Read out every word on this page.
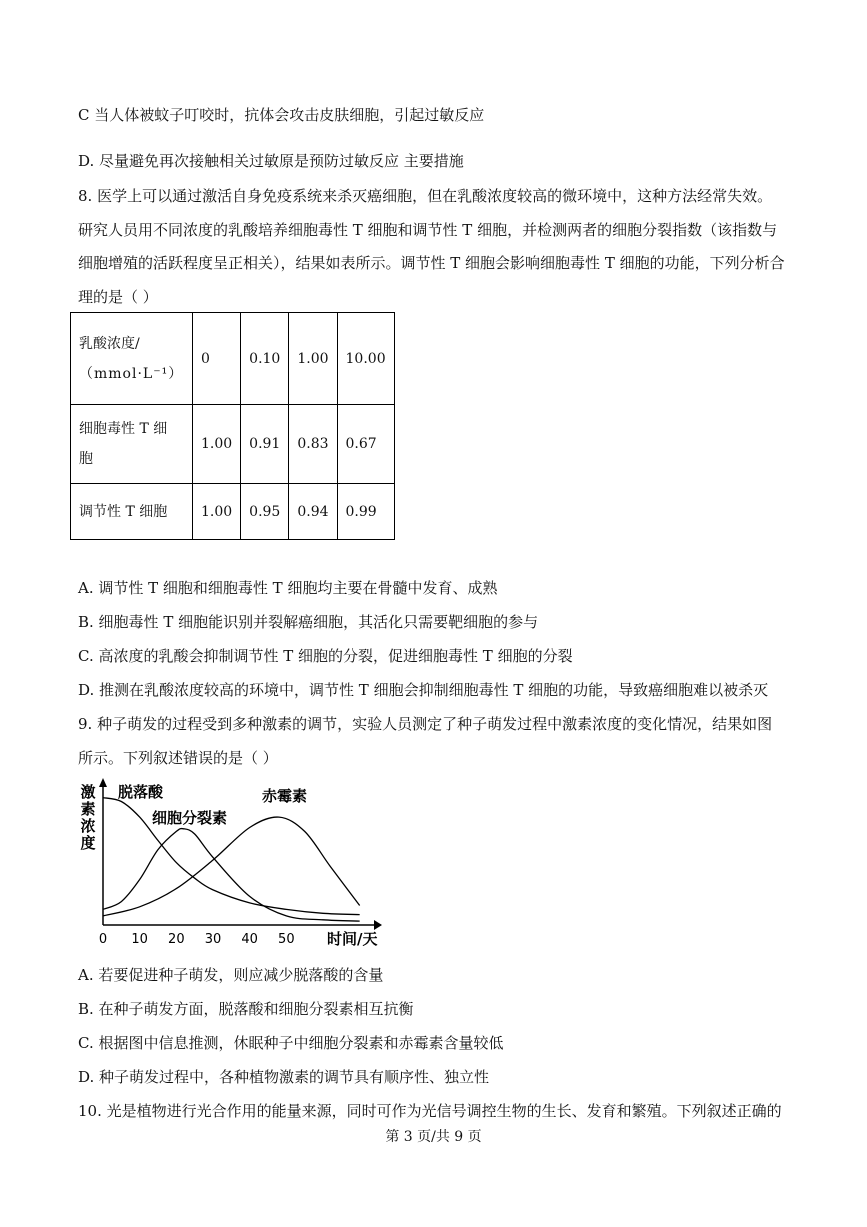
C 当人体被蚊子叮咬时，抗体会攻击皮肤细胞，引起过敏反应
D. 尽量避免再次接触相关过敏原是预防过敏反应 主要措施
8. 医学上可以通过激活自身免疫系统来杀灭癌细胞，但在乳酸浓度较高的微环境中，这种方法经常失效。
研究人员用不同浓度的乳酸培养细胞毒性 T 细胞和调节性 T 细胞，并检测两者的细胞分裂指数（该指数与
细胞增殖的活跃程度呈正相关），结果如表所示。调节性 T 细胞会影响细胞毒性 T 细胞的功能，下列分析合
理的是（ ）
乳酸浓度/
（mmol·L⁻¹）	0	0.10	1.00	10.00

细胞毒性 T 细
胞	1.00	0.91	0.83	0.67
调节性 T 细胞	1.00	0.95	0.94	0.99
A. 调节性 T 细胞和细胞毒性 T 细胞均主要在骨髓中发育、成熟
B. 细胞毒性 T 细胞能识别并裂解癌细胞，其活化只需要靶细胞的参与
C. 高浓度的乳酸会抑制调节性 T 细胞的分裂，促进细胞毒性 T 细胞的分裂
D. 推测在乳酸浓度较高的环境中，调节性 T 细胞会抑制细胞毒性 T 细胞的功能，导致癌细胞难以被杀灭
9. 种子萌发的过程受到多种激素的调节，实验人员测定了种子萌发过程中激素浓度的变化情况，结果如图
所示。下列叙述错误的是（ ）
激
素
浓
度
0 10 20 30 40 50 时间/天
脱落酸
细胞分裂素
赤霉素
A. 若要促进种子萌发，则应减少脱落酸的含量
B. 在种子萌发方面，脱落酸和细胞分裂素相互抗衡
C. 根据图中信息推测，休眠种子中细胞分裂素和赤霉素含量较低
D. 种子萌发过程中，各种植物激素的调节具有顺序性、独立性
10. 光是植物进行光合作用的能量来源，同时可作为光信号调控生物的生长、发育和繁殖。下列叙述正确的
第 3 页/共 9 页
